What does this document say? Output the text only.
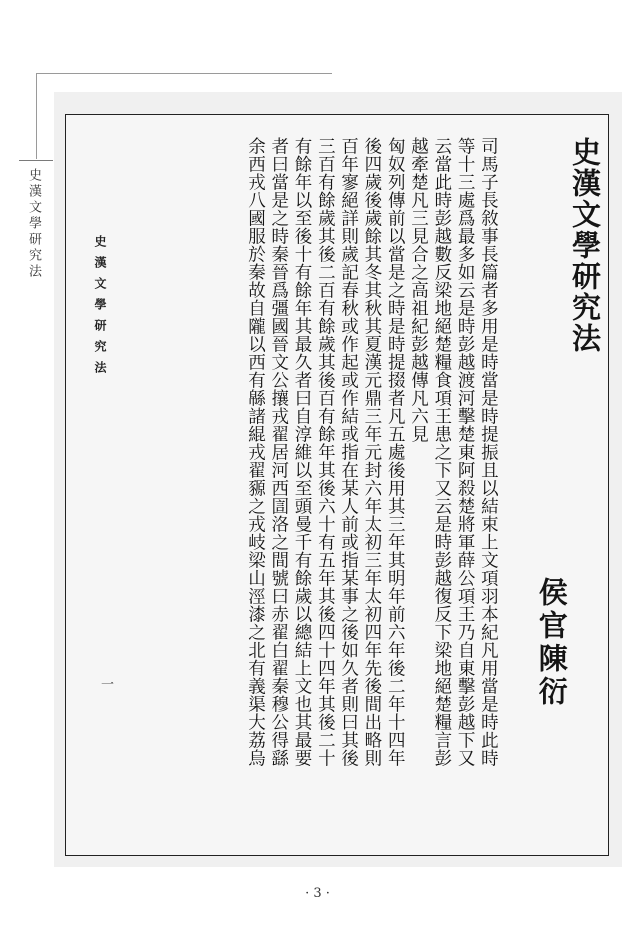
史漢文學研究法	史漢文學研究法
侯官陳衍
司馬子長敘事長篇者多用是時當是時提振且以結束上文項羽本紀凡用當是時此時
等十三處爲最多如云是時彭越渡河擊楚東阿殺楚將軍薛公項王乃自東擊彭越下又
云當此時彭越數反梁地絕楚糧食項王患之下又云是時彭越復反下梁地絕楚糧言彭
越牽楚凡三見合之高祖紀彭越傳凡六見
匈奴列傳前以當是之時是時提掇者凡五處後用其三年其明年前六年後二年十四年
後四歲後歲餘其冬其秋其夏漢元鼎三年元封六年太初三年太初四年先後間出略則
百年寥絕詳則歲記春秋或作起或作結或指在某人前或指某事之後如久者則曰其後
三百有餘歲其後二百有餘歲其後百有餘年其後六十有五年其後四十四年其後二十
有餘年以至後十有餘年其最久者曰自淳維以至頭曼千有餘歲以總結上文也其最要
者曰當是之時秦晉爲彊國晉文公攘戎翟居河西圁洛之間號曰赤翟白翟秦穆公得繇
余西戎八國服於秦故自隴以西有緜諸緄戎翟豲之戎岐梁山涇漆之北有義渠大荔烏
史漢文學研究法
一
· 3 ·
